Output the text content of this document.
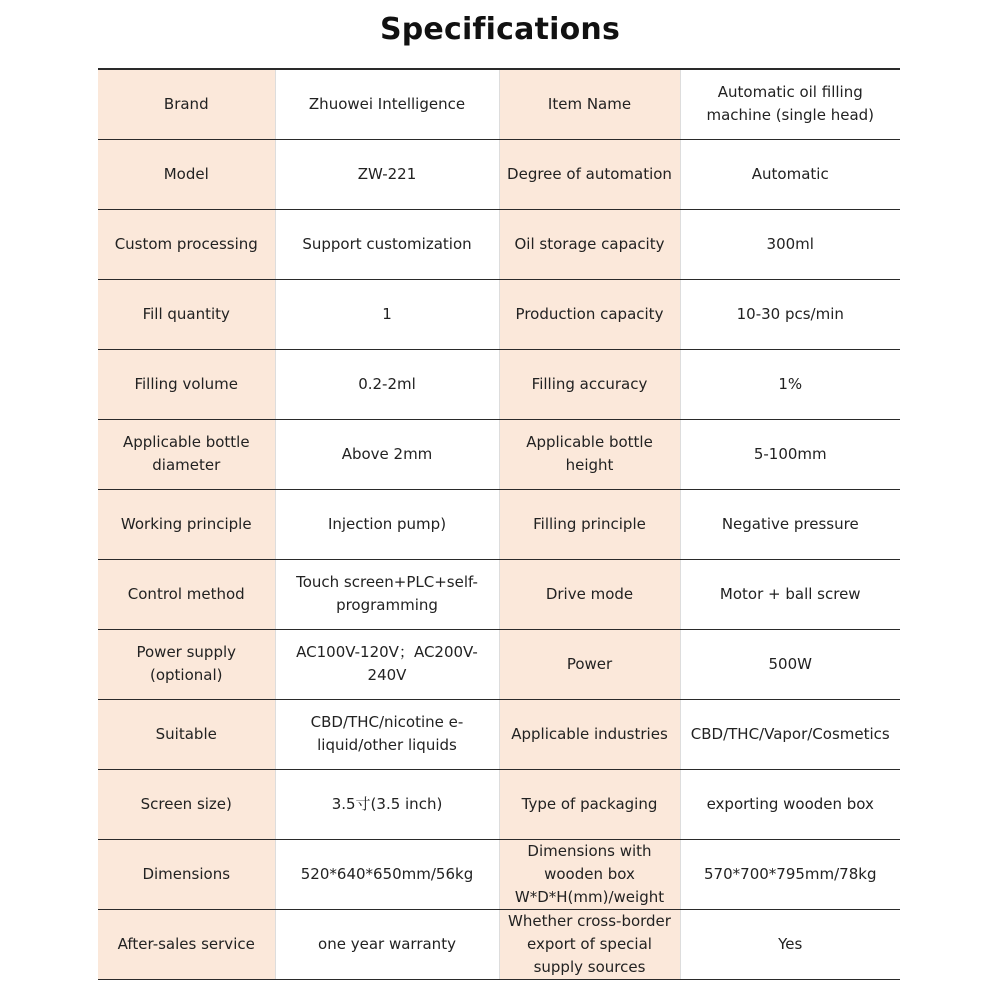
Specifications
Brand	Zhuowei Intelligence	Item Name	Automatic oil filling machine (single head)
Model	ZW-221	Degree of automation	Automatic
Custom processing	Support customization	Oil storage capacity	300ml
Fill quantity	1	Production capacity	10-30 pcs/min
Filling volume	0.2-2ml	Filling accuracy	1%
Applicable bottle diameter	Above 2mm	Applicable bottle height	5-100mm
Working principle	Injection pump)	Filling principle	Negative pressure
Control method	Touch screen+PLC+self-programming	Drive mode	Motor + ball screw
Power supply (optional)	AC100V-120V；AC200V-240V	Power	500W
Suitable	CBD/THC/nicotine e-liquid/other liquids	Applicable industries	CBD/THC/Vapor/Cosmetics
Screen size)	3.5寸(3.5 inch)	Type of packaging	exporting wooden box
Dimensions	520*640*650mm/56kg	Dimensions with wooden box W*D*H(mm)/weight	570*700*795mm/78kg
After-sales service	one year warranty	Whether cross-border export of special supply sources	Yes
